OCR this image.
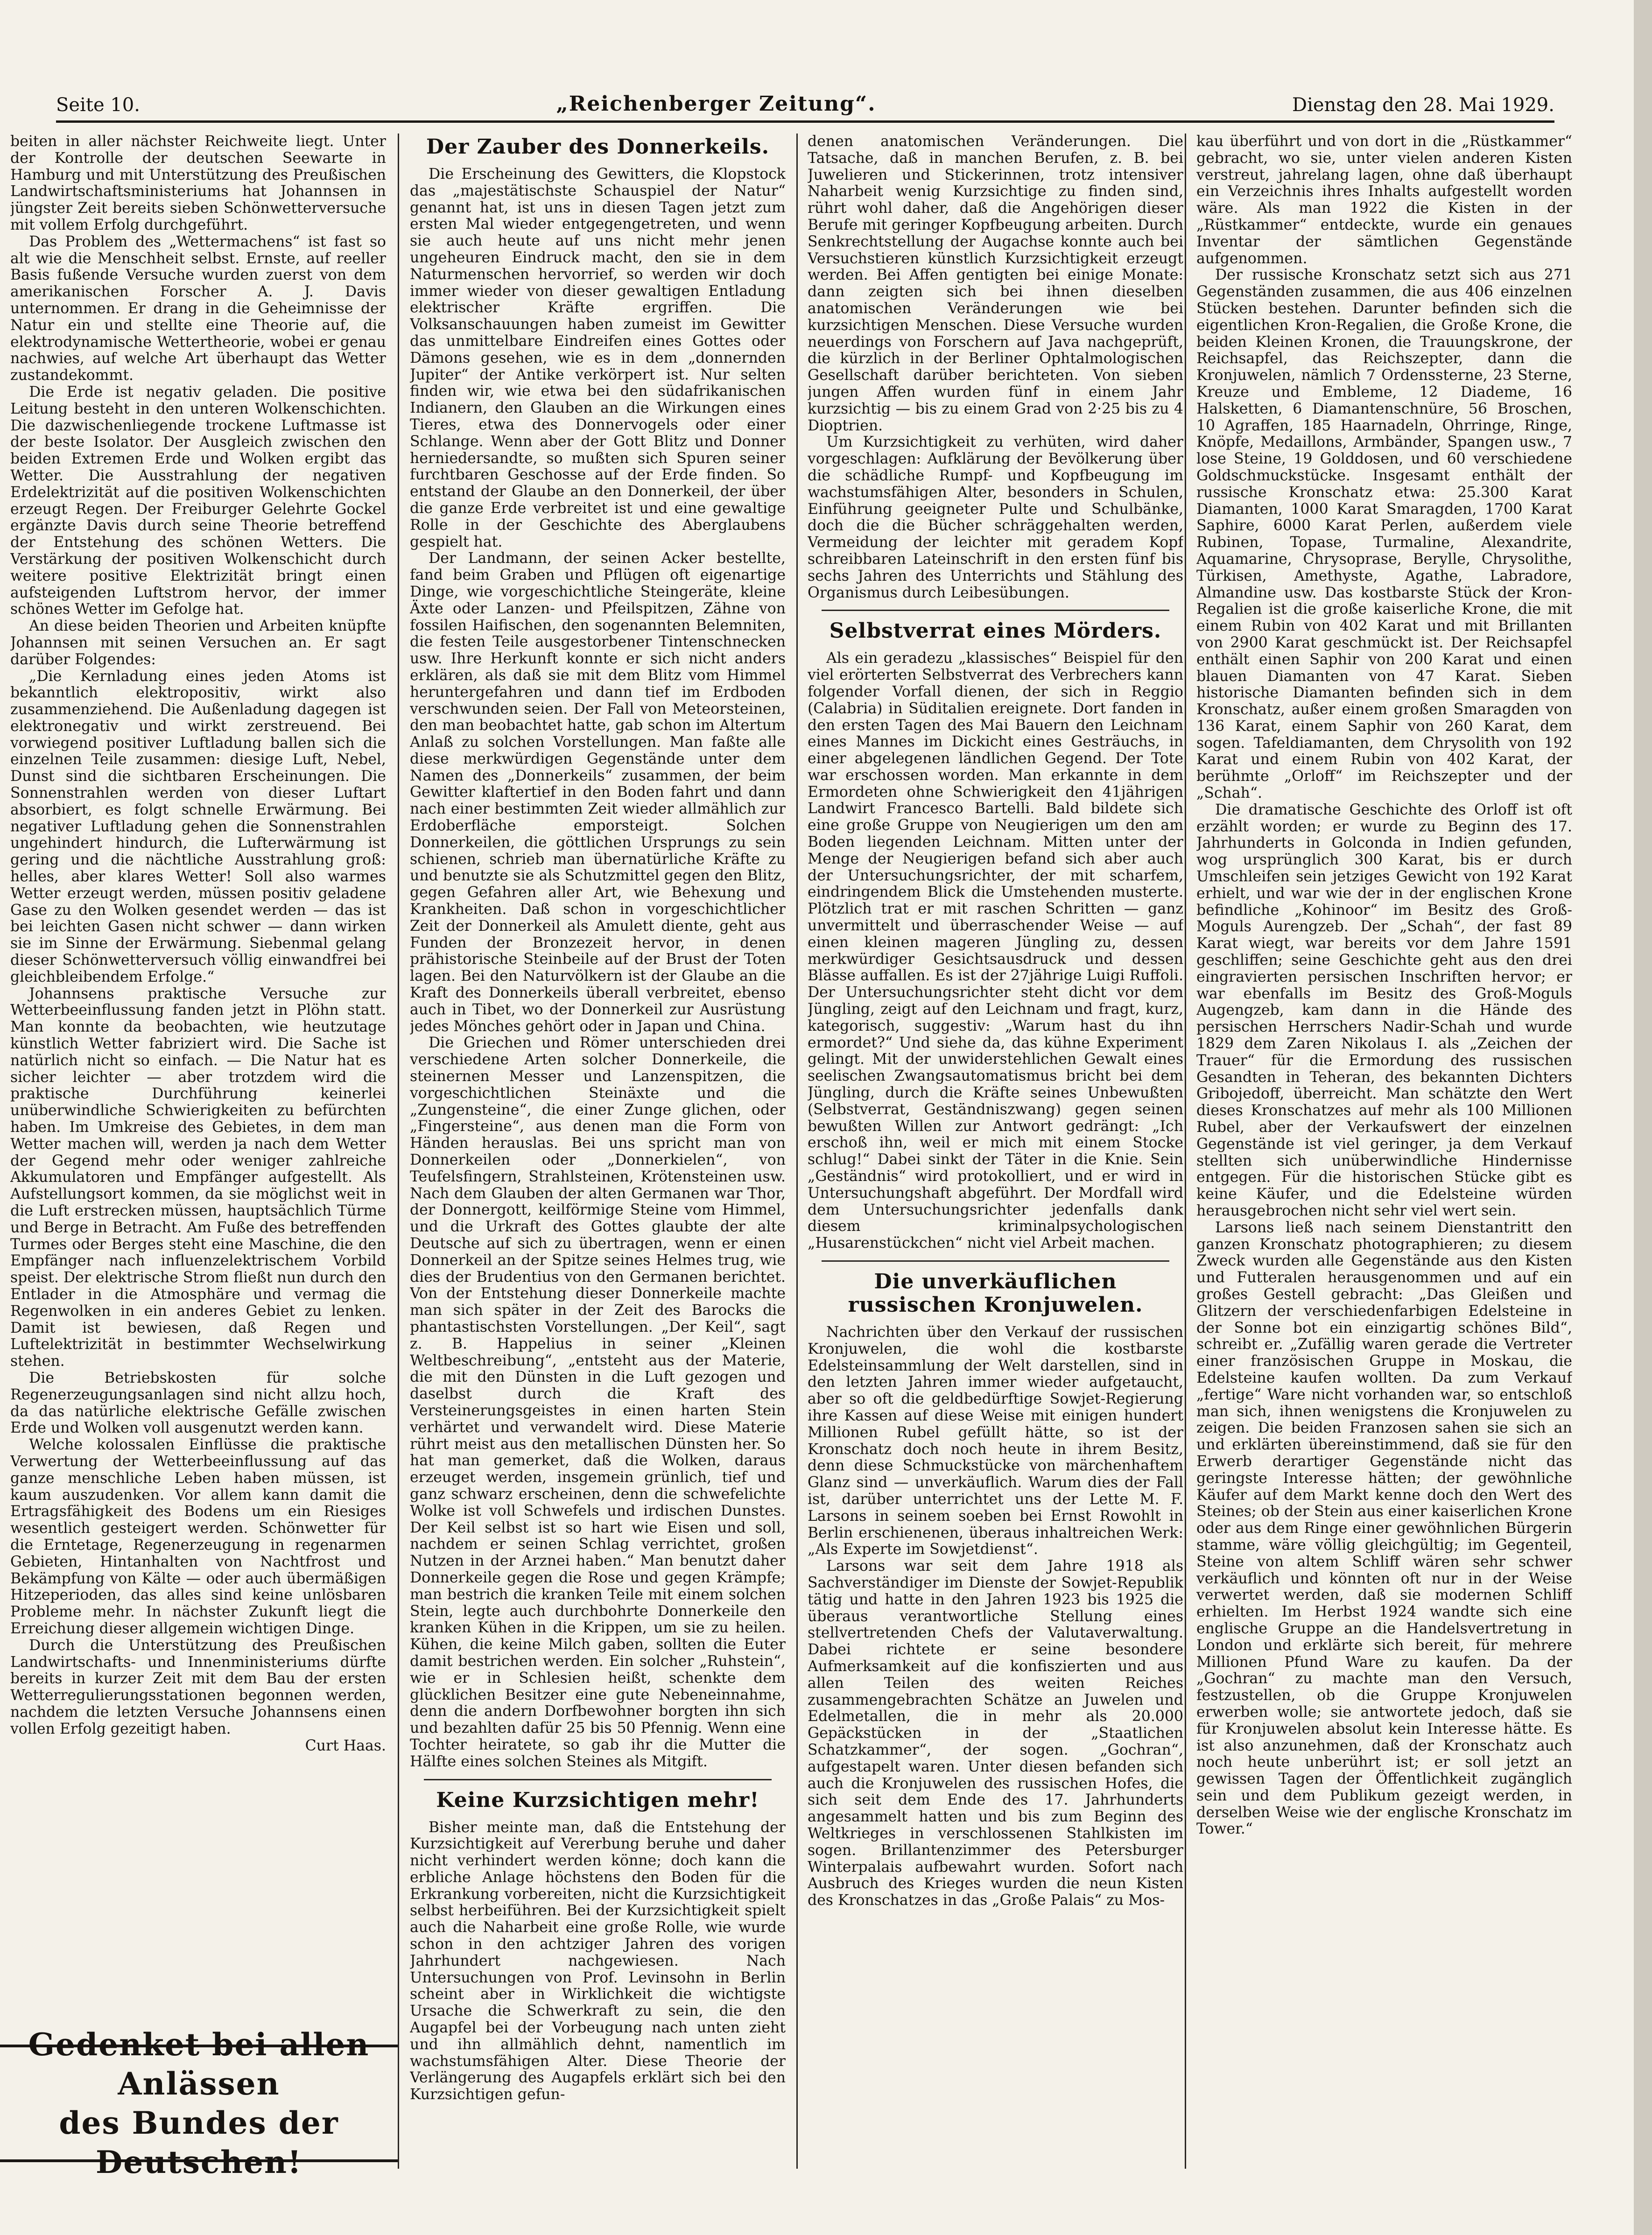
Seite 10.	„Reichenberger Zeitung“.	Dienstag den 28. Mai 1929.

beiten in aller nächster Reichweite liegt. Unter der Kontrolle der deutschen Seewarte in Hamburg und mit Unterstützung des Preußischen Landwirtschaftsministeriums hat Johannsen in jüngster Zeit bereits sieben Schönwetterversuche mit vollem Erfolg durchgeführt.

Das Problem des „Wettermachens“ ist fast so alt wie die Menschheit selbst. Ernste, auf reeller Basis fußende Versuche wurden zuerst von dem amerikanischen Forscher A. J. Davis unternommen. Er drang in die Geheimnisse der Natur ein und stellte eine Theorie auf, die elektrodynamische Wettertheorie, wobei er genau nachwies, auf welche Art überhaupt das Wetter zustandekommt.

Die Erde ist negativ geladen. Die positive Leitung besteht in den unteren Wolkenschichten. Die dazwischenliegende trockene Luftmasse ist der beste Isolator. Der Ausgleich zwischen den beiden Extremen Erde und Wolken ergibt das Wetter. Die Ausstrahlung der negativen Erdelektrizität auf die positiven Wolkenschichten erzeugt Regen. Der Freiburger Gelehrte Gockel ergänzte Davis durch seine Theorie betreffend der Entstehung des schönen Wetters. Die Verstärkung der positiven Wolkenschicht durch weitere positive Elektrizität bringt einen aufsteigenden Luftstrom hervor, der immer schönes Wetter im Gefolge hat.

An diese beiden Theorien und Arbeiten knüpfte Johannsen mit seinen Versuchen an. Er sagt darüber Folgendes:

„Die Kernladung eines jeden Atoms ist bekanntlich elektropositiv, wirkt also zusammenziehend. Die Außenladung dagegen ist elektronegativ und wirkt zerstreuend. Bei vorwiegend positiver Luftladung ballen sich die einzelnen Teile zusammen: diesige Luft, Nebel, Dunst sind die sichtbaren Erscheinungen. Die Sonnenstrahlen werden von dieser Luftart absorbiert, es folgt schnelle Erwärmung. Bei negativer Luftladung gehen die Sonnenstrahlen ungehindert hindurch, die Lufterwärmung ist gering und die nächtliche Ausstrahlung groß: helles, aber klares Wetter! Soll also warmes Wetter erzeugt werden, müssen positiv geladene Gase zu den Wolken gesendet werden — das ist bei leichten Gasen nicht schwer — dann wirken sie im Sinne der Erwärmung. Siebenmal gelang dieser Schönwetterversuch völlig einwandfrei bei gleichbleibendem Erfolge.“

Johannsens praktische Versuche zur Wetterbeeinflussung fanden jetzt in Plöhn statt. Man konnte da beobachten, wie heutzutage künstlich Wetter fabriziert wird. Die Sache ist natürlich nicht so einfach. — Die Natur hat es sicher leichter — aber trotzdem wird die praktische Durchführung keinerlei unüberwindliche Schwierigkeiten zu befürchten haben. Im Umkreise des Gebietes, in dem man Wetter machen will, werden ja nach dem Wetter der Gegend mehr oder weniger zahlreiche Akkumulatoren und Empfänger aufgestellt. Als Aufstellungsort kommen, da sie möglichst weit in die Luft erstrecken müssen, hauptsächlich Türme und Berge in Betracht. Am Fuße des betreffenden Turmes oder Berges steht eine Maschine, die den Empfänger nach influenzelektrischem Vorbild speist. Der elektrische Strom fließt nun durch den Entlader in die Atmosphäre und vermag die Regenwolken in ein anderes Gebiet zu lenken. Damit ist bewiesen, daß Regen und Luftelektrizität in bestimmter Wechselwirkung stehen.

Die Betriebskosten für solche Regenerzeugungsanlagen sind nicht allzu hoch, da das natürliche elektrische Gefälle zwischen Erde und Wolken voll ausgenutzt werden kann.

Welche kolossalen Einflüsse die praktische Verwertung der Wetterbeeinflussung auf das ganze menschliche Leben haben müssen, ist kaum auszudenken. Vor allem kann damit die Ertragsfähigkeit des Bodens um ein Riesiges wesentlich gesteigert werden. Schönwetter für die Erntetage, Regenerzeugung in regenarmen Gebieten, Hintanhalten von Nachtfrost und Bekämpfung von Kälte — oder auch übermäßigen Hitzeperioden, das alles sind keine unlösbaren Probleme mehr. In nächster Zukunft liegt die Erreichung dieser allgemein wichtigen Dinge.

Durch die Unterstützung des Preußischen Landwirtschafts- und Innenministeriums dürfte bereits in kurzer Zeit mit dem Bau der ersten Wetterregulierungsstationen begonnen werden, nachdem die letzten Versuche Johannsens einen vollen Erfolg gezeitigt haben.

Curt Haas.

Gedenket bei allen Anlässen
des Bundes der Deutschen!
Der Zauber des Donnerkeils.

Die Erscheinung des Gewitters, die Klopstock das „majestätischste Schauspiel der Natur“ genannt hat, ist uns in diesen Tagen jetzt zum ersten Mal wieder entgegengetreten, und wenn sie auch heute auf uns nicht mehr jenen ungeheuren Eindruck macht, den sie in dem Naturmenschen hervorrief, so werden wir doch immer wieder von dieser gewaltigen Entladung elektrischer Kräfte ergriffen. Die Volksanschauungen haben zumeist im Gewitter das unmittelbare Eindreifen eines Gottes oder Dämons gesehen, wie es in dem „donnernden Jupiter“ der Antike verkörpert ist. Nur selten finden wir, wie etwa bei den südafrikanischen Indianern, den Glauben an die Wirkungen eines Tieres, etwa des Donnervogels oder einer Schlange. Wenn aber der Gott Blitz und Donner herniedersandte, so mußten sich Spuren seiner furchtbaren Geschosse auf der Erde finden. So entstand der Glaube an den Donnerkeil, der über die ganze Erde verbreitet ist und eine gewaltige Rolle in der Geschichte des Aberglaubens gespielt hat.

Der Landmann, der seinen Acker bestellte, fand beim Graben und Pflügen oft eigenartige Dinge, wie vorgeschichtliche Steingeräte, kleine Äxte oder Lanzen- und Pfeilspitzen, Zähne von fossilen Haifischen, den sogenannten Belemniten, die festen Teile ausgestorbener Tintenschnecken usw. Ihre Herkunft konnte er sich nicht anders erklären, als daß sie mit dem Blitz vom Himmel heruntergefahren und dann tief im Erdboden verschwunden seien. Der Fall von Meteorsteinen, den man beobachtet hatte, gab schon im Altertum Anlaß zu solchen Vorstellungen. Man faßte alle diese merkwürdigen Gegenstände unter dem Namen des „Donnerkeils“ zusammen, der beim Gewitter klaftertief in den Boden fahrt und dann nach einer bestimmten Zeit wieder allmählich zur Erdoberfläche emporsteigt. Solchen Donnerkeilen, die göttlichen Ursprungs zu sein schienen, schrieb man übernatürliche Kräfte zu und benutzte sie als Schutzmittel gegen den Blitz, gegen Gefahren aller Art, wie Behexung und Krankheiten. Daß schon in vorgeschichtlicher Zeit der Donnerkeil als Amulett diente, geht aus Funden der Bronzezeit hervor, in denen prähistorische Steinbeile auf der Brust der Toten lagen. Bei den Naturvölkern ist der Glaube an die Kraft des Donnerkeils überall verbreitet, ebenso auch in Tibet, wo der Donnerkeil zur Ausrüstung jedes Mönches gehört oder in Japan und China.

Die Griechen und Römer unterschieden drei verschiedene Arten solcher Donnerkeile, die steinernen Messer und Lanzenspitzen, die vorgeschichtlichen Steinäxte und die „Zungensteine“, die einer Zunge glichen, oder „Fingersteine“, aus denen man die Form von Händen herauslas. Bei uns spricht man von Donnerkeilen oder „Donnerkielen“, von Teufelsfingern, Strahlsteinen, Krötensteinen usw. Nach dem Glauben der alten Germanen war Thor, der Donnergott, keilförmige Steine vom Himmel, und die Urkraft des Gottes glaubte der alte Deutsche auf sich zu übertragen, wenn er einen Donnerkeil an der Spitze seines Helmes trug, wie dies der Brudentius von den Germanen berichtet. Von der Entstehung dieser Donnerkeile machte man sich später in der Zeit des Barocks die phantastischsten Vorstellungen. „Der Keil“, sagt z. B. Happelius in seiner „Kleinen Weltbeschreibung“, „entsteht aus der Materie, die mit den Dünsten in die Luft gezogen und daselbst durch die Kraft des Versteinerungsgeistes in einen harten Stein verhärtet und verwandelt wird. Diese Materie rührt meist aus den metallischen Dünsten her. So hat man gemerket, daß die Wolken, daraus erzeuget werden, insgemein grünlich, tief und ganz schwarz erscheinen, denn die schwefelichte Wolke ist voll Schwefels und irdischen Dunstes. Der Keil selbst ist so hart wie Eisen und soll, nachdem er seinen Schlag verrichtet, großen Nutzen in der Arznei haben.“ Man benutzt daher Donnerkeile gegen die Rose und gegen Krämpfe; man bestrich die kranken Teile mit einem solchen Stein, legte auch durchbohrte Donnerkeile den kranken Kühen in die Krippen, um sie zu heilen. Kühen, die keine Milch gaben, sollten die Euter damit bestrichen werden. Ein solcher „Ruhstein“, wie er in Schlesien heißt, schenkte dem glücklichen Besitzer eine gute Nebeneinnahme, denn die andern Dorfbewohner borgten ihn sich und bezahlten dafür 25 bis 50 Pfennig. Wenn eine Tochter heiratete, so gab ihr die Mutter die Hälfte eines solchen Steines als Mitgift.

Keine Kurzsichtigen mehr!

Bisher meinte man, daß die Entstehung der Kurzsichtigkeit auf Vererbung beruhe und daher nicht verhindert werden könne; doch kann die erbliche Anlage höchstens den Boden für die Erkrankung vorbereiten, nicht die Kurzsichtigkeit selbst herbeiführen. Bei der Kurzsichtigkeit spielt auch die Naharbeit eine große Rolle, wie wurde schon in den achtziger Jahren des vorigen Jahrhundert nachgewiesen. Nach Untersuchungen von Prof. Levinsohn in Berlin scheint aber in Wirklichkeit die wichtigste Ursache die Schwerkraft zu sein, die den Augapfel bei der Vorbeugung nach unten zieht und ihn allmählich dehnt, namentlich im wachstumsfähigen Alter. Diese Theorie der Verlängerung des Augapfels erklärt sich bei den Kurzsichtigen gefun-

denen anatomischen Veränderungen. Die Tatsache, daß in manchen Berufen, z. B. bei Juwelieren und Stickerinnen, trotz intensiver Naharbeit wenig Kurzsichtige zu finden sind, rührt wohl daher, daß die Angehörigen dieser Berufe mit geringer Kopfbeugung arbeiten. Durch Senkrechtstellung der Augachse konnte auch bei Versuchstieren künstlich Kurzsichtigkeit erzeugt werden. Bei Affen gentigten bei einige Monate: dann zeigten sich bei ihnen dieselben anatomischen Veränderungen wie bei kurzsichtigen Menschen. Diese Versuche wurden neuerdings von Forschern auf Java nachgeprüft, die kürzlich in der Berliner Ophtalmologischen Gesellschaft darüber berichteten. Von sieben jungen Affen wurden fünf in einem Jahr kurzsichtig — bis zu einem Grad von 2·25 bis zu 4 Dioptrien.

Um Kurzsichtigkeit zu verhüten, wird daher vorgeschlagen: Aufklärung der Bevölkerung über die schädliche Rumpf- und Kopfbeugung im wachstumsfähigen Alter, besonders in Schulen, Einführung geeigneter Pulte und Schulbänke, doch die die Bücher schräggehalten werden, Vermeidung der leichter mit geradem Kopf schreibbaren Lateinschrift in den ersten fünf bis sechs Jahren des Unterrichts und Stählung des Organismus durch Leibesübungen.

Selbstverrat eines Mörders.

Als ein geradezu „klassisches“ Beispiel für den viel erörterten Selbstverrat des Verbrechers kann folgender Vorfall dienen, der sich in Reggio (Calabria) in Süditalien ereignete. Dort fanden in den ersten Tagen des Mai Bauern den Leichnam eines Mannes im Dickicht eines Gesträuchs, in einer abgelegenen ländlichen Gegend. Der Tote war erschossen worden. Man erkannte in dem Ermordeten ohne Schwierigkeit den 41jährigen Landwirt Francesco Bartelli. Bald bildete sich eine große Gruppe von Neugierigen um den am Boden liegenden Leichnam. Mitten unter der Menge der Neugierigen befand sich aber auch der Untersuchungsrichter, der mit scharfem, eindringendem Blick die Umstehenden musterte. Plötzlich trat er mit raschen Schritten — ganz unvermittelt und überraschender Weise — auf einen kleinen mageren Jüngling zu, dessen merkwürdiger Gesichtsausdruck und dessen Blässe auffallen. Es ist der 27jährige Luigi Ruffoli. Der Untersuchungsrichter steht dicht vor dem Jüngling, zeigt auf den Leichnam und fragt, kurz, kategorisch, suggestiv: „Warum hast du ihn ermordet?“ Und siehe da, das kühne Experiment gelingt. Mit der unwiderstehlichen Gewalt eines seelischen Zwangsautomatismus bricht bei dem Jüngling, durch die Kräfte seines Unbewußten (Selbstverrat, Geständniszwang) gegen seinen bewußten Willen zur Antwort gedrängt: „Ich erschoß ihn, weil er mich mit einem Stocke schlug!“ Dabei sinkt der Täter in die Knie. Sein „Geständnis“ wird protokolliert, und er wird in Untersuchungshaft abgeführt. Der Mordfall wird dem Untersuchungsrichter jedenfalls dank diesem kriminalpsychologischen „Husarenstückchen“ nicht viel Arbeit machen.

Die unverkäuflichen russischen Kronjuwelen.

Nachrichten über den Verkauf der russischen Kronjuwelen, die wohl die kostbarste Edelsteinsammlung der Welt darstellen, sind in den letzten Jahren immer wieder aufgetaucht, aber so oft die geldbedürftige Sowjet-Regierung ihre Kassen auf diese Weise mit einigen hundert Millionen Rubel gefüllt hätte, so ist der Kronschatz doch noch heute in ihrem Besitz, denn diese Schmuckstücke von märchenhaftem Glanz sind — unverkäuflich. Warum dies der Fall ist, darüber unterrichtet uns der Lette M. F. Larsons in seinem soeben bei Ernst Rowohlt in Berlin erschienenen, überaus inhaltreichen Werk: „Als Experte im Sowjetdienst“.

Larsons war seit dem Jahre 1918 als Sachverständiger im Dienste der Sowjet-Republik tätig und hatte in den Jahren 1923 bis 1925 die überaus verantwortliche Stellung eines stellvertretenden Chefs der Valutaverwaltung. Dabei richtete er seine besondere Aufmerksamkeit auf die konfiszierten und aus allen Teilen des weiten Reiches zusammengebrachten Schätze an Juwelen und Edelmetallen, die in mehr als 20.000 Gepäckstücken in der „Staatlichen Schatzkammer“, der sogen. „Gochran“, aufgestapelt waren. Unter diesen befanden sich auch die Kronjuwelen des russischen Hofes, die sich seit dem Ende des 17. Jahrhunderts angesammelt hatten und bis zum Beginn des Weltkrieges in verschlossenen Stahlkisten im sogen. Brillantenzimmer des Petersburger Winterpalais aufbewahrt wurden. Sofort nach Ausbruch des Krieges wurden die neun Kisten des Kronschatzes in das „Große Palais“ zu Mos-

kau überführt und von dort in die „Rüstkammer“ gebracht, wo sie, unter vielen anderen Kisten verstreut, jahrelang lagen, ohne daß überhaupt ein Verzeichnis ihres Inhalts aufgestellt worden wäre. Als man 1922 die Kisten in der „Rüstkammer“ entdeckte, wurde ein genaues Inventar der sämtlichen Gegenstände aufgenommen.

Der russische Kronschatz setzt sich aus 271 Gegenständen zusammen, die aus 406 einzelnen Stücken bestehen. Darunter befinden sich die eigentlichen Kron-Regalien, die Große Krone, die beiden Kleinen Kronen, die Trauungskrone, der Reichsapfel, das Reichszepter, dann die Kronjuwelen, nämlich 7 Ordenssterne, 23 Sterne, Kreuze und Embleme, 12 Diademe, 16 Halsketten, 6 Diamantenschnüre, 56 Broschen, 10 Agraffen, 185 Haarnadeln, Ohrringe, Ringe, Knöpfe, Medaillons, Armbänder, Spangen usw., 7 lose Steine, 19 Golddosen, und 60 verschiedene Goldschmuckstücke. Insgesamt enthält der russische Kronschatz etwa: 25.300 Karat Diamanten, 1000 Karat Smaragden, 1700 Karat Saphire, 6000 Karat Perlen, außerdem viele Rubinen, Topase, Turmaline, Alexandrite, Aquamarine, Chrysoprase, Berylle, Chrysolithe, Türkisen, Amethyste, Agathe, Labradore, Almandine usw. Das kostbarste Stück der Kron-Regalien ist die große kaiserliche Krone, die mit einem Rubin von 402 Karat und mit Brillanten von 2900 Karat geschmückt ist. Der Reichsapfel enthält einen Saphir von 200 Karat und einen blauen Diamanten von 47 Karat. Sieben historische Diamanten befinden sich in dem Kronschatz, außer einem großen Smaragden von 136 Karat, einem Saphir von 260 Karat, dem sogen. Tafeldiamanten, dem Chrysolith von 192 Karat und einem Rubin von 402 Karat, der berühmte „Orloff“ im Reichszepter und der „Schah“.

Die dramatische Geschichte des Orloff ist oft erzählt worden; er wurde zu Beginn des 17. Jahrhunderts in Golconda in Indien gefunden, wog ursprünglich 300 Karat, bis er durch Umschleifen sein jetziges Gewicht von 192 Karat erhielt, und war wie der in der englischen Krone befindliche „Kohinoor“ im Besitz des Groß-Moguls Aurengzeb. Der „Schah“, der fast 89 Karat wiegt, war bereits vor dem Jahre 1591 geschliffen; seine Geschichte geht aus den drei eingravierten persischen Inschriften hervor; er war ebenfalls im Besitz des Groß-Moguls Augengzeb, kam dann in die Hände des persischen Herrschers Nadir-Schah und wurde 1829 dem Zaren Nikolaus I. als „Zeichen der Trauer“ für die Ermordung des russischen Gesandten in Teheran, des bekannten Dichters Gribojedoff, überreicht. Man schätzte den Wert dieses Kronschatzes auf mehr als 100 Millionen Rubel, aber der Verkaufswert der einzelnen Gegenstände ist viel geringer, ja dem Verkauf stellten sich unüberwindliche Hindernisse entgegen. Für die historischen Stücke gibt es keine Käufer, und die Edelsteine würden herausgebrochen nicht sehr viel wert sein.

Larsons ließ nach seinem Dienstantritt den ganzen Kronschatz photographieren; zu diesem Zweck wurden alle Gegenstände aus den Kisten und Futteralen herausgenommen und auf ein großes Gestell gebracht: „Das Gleißen und Glitzern der verschiedenfarbigen Edelsteine in der Sonne bot ein einzigartig schönes Bild“, schreibt er. „Zufällig waren gerade die Vertreter einer französischen Gruppe in Moskau, die Edelsteine kaufen wollten. Da zum Verkauf „fertige“ Ware nicht vorhanden war, so entschloß man sich, ihnen wenigstens die Kronjuwelen zu zeigen. Die beiden Franzosen sahen sie sich an und erklärten übereinstimmend, daß sie für den Erwerb derartiger Gegenstände nicht das geringste Interesse hätten; der gewöhnliche Käufer auf dem Markt kenne doch den Wert des Steines; ob der Stein aus einer kaiserlichen Krone oder aus dem Ringe einer gewöhnlichen Bürgerin stamme, wäre völlig gleichgültig; im Gegenteil, Steine von altem Schliff wären sehr schwer verkäuflich und könnten oft nur in der Weise verwertet werden, daß sie modernen Schliff erhielten. Im Herbst 1924 wandte sich eine englische Gruppe an die Handelsvertretung in London und erklärte sich bereit, für mehrere Millionen Pfund Ware zu kaufen. Da der „Gochran“ zu machte man den Versuch, festzustellen, ob die Gruppe Kronjuwelen erwerben wolle; sie antwortete jedoch, daß sie für Kronjuwelen absolut kein Interesse hätte. Es ist also anzunehmen, daß der Kronschatz auch noch heute unberührt ist; er soll jetzt an gewissen Tagen der Öffentlichkeit zugänglich sein und dem Publikum gezeigt werden, in derselben Weise wie der englische Kronschatz im Tower.“
